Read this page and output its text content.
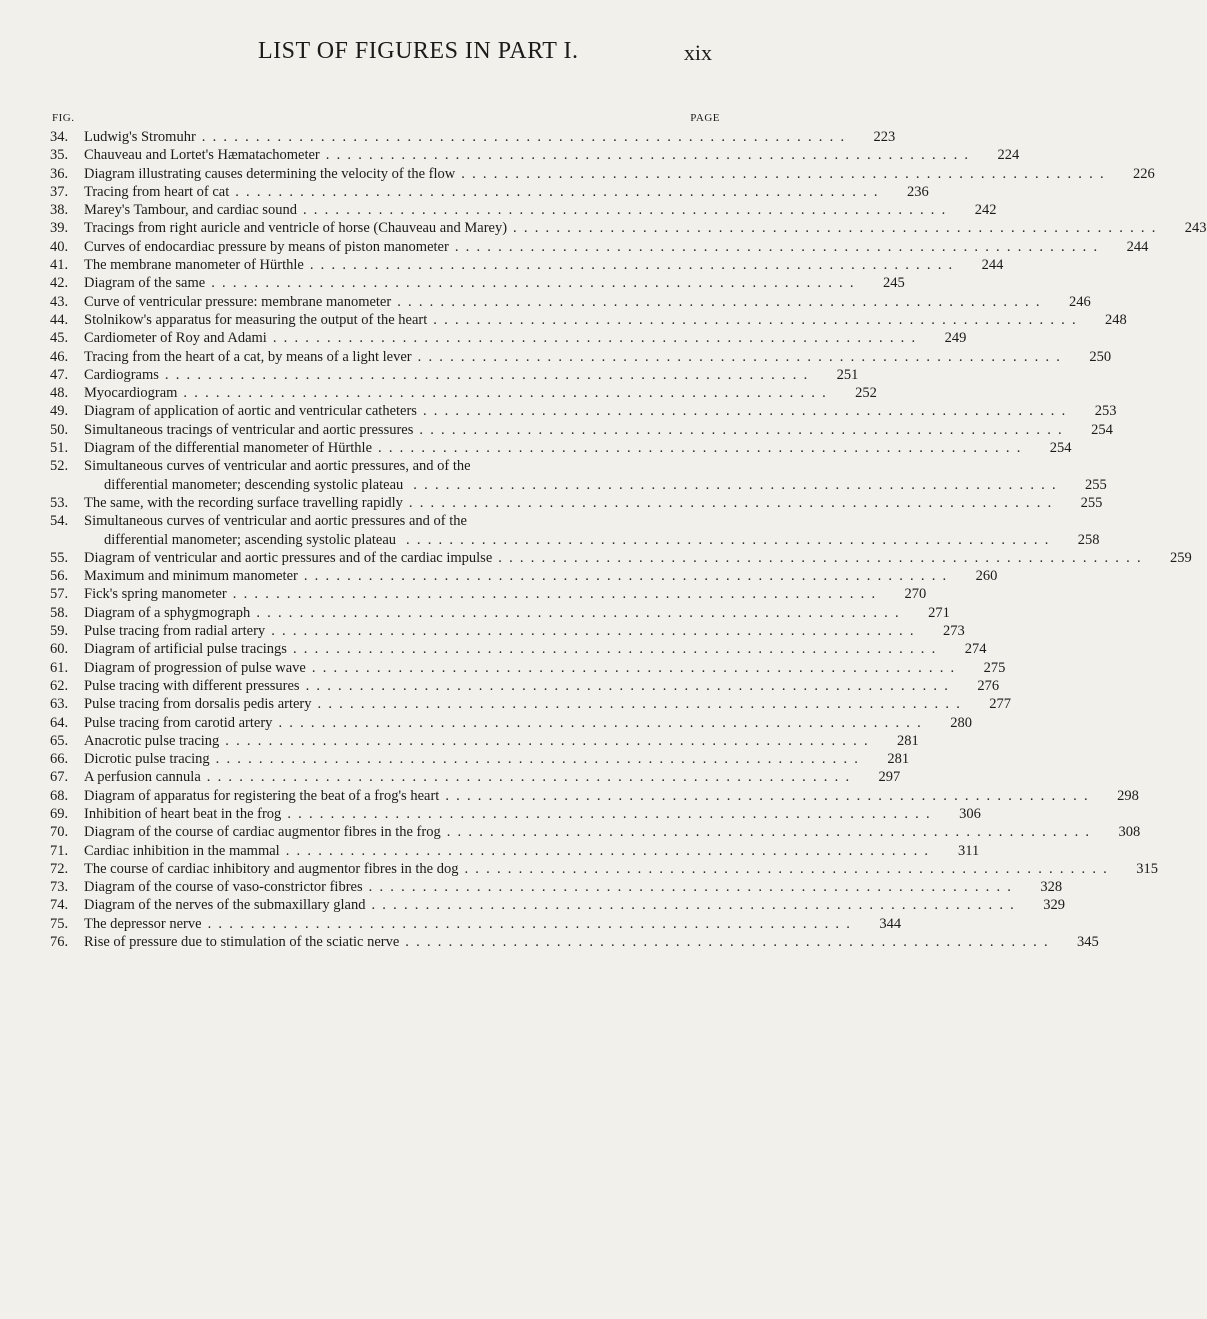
LIST OF FIGURES IN PART I.	xix
FIG.	PAGE
34.	Ludwig's Stromuhr ............................................................	223
35.	Chauveau and Lortet's Hæmatachometer ............................................................	224
36.	Diagram illustrating causes determining the velocity of the flow ............................................................	226
37.	Tracing from heart of cat ............................................................	236
38.	Marey's Tambour, and cardiac sound ............................................................	242
39.	Tracings from right auricle and ventricle of horse (Chauveau and Marey) ............................................................	243
40.	Curves of endocardiac pressure by means of piston manometer ............................................................	244
41.	The membrane manometer of Hürthle ............................................................	244
42.	Diagram of the same ............................................................	245
43.	Curve of ventricular pressure: membrane manometer ............................................................	246
44.	Stolnikow's apparatus for measuring the output of the heart ............................................................	248
45.	Cardiometer of Roy and Adami ............................................................	249
46.	Tracing from the heart of a cat, by means of a light lever ............................................................	250
47.	Cardiograms ............................................................	251
48.	Myocardiogram ............................................................	252
49.	Diagram of application of aortic and ventricular catheters ............................................................	253
50.	Simultaneous tracings of ventricular and aortic pressures ............................................................	254
51.	Diagram of the differential manometer of Hürthle ............................................................	254
52.	Simultaneous curves of ventricular and aortic pressures, and of the
differential manometer; descending systolic plateau ............................................................	255
53.	The same, with the recording surface travelling rapidly ............................................................	255
54.	Simultaneous curves of ventricular and aortic pressures and of the
differential manometer; ascending systolic plateau ............................................................	258
55.	Diagram of ventricular and aortic pressures and of the cardiac impulse ............................................................	259
56.	Maximum and minimum manometer ............................................................	260
57.	Fick's spring manometer ............................................................	270
58.	Diagram of a sphygmograph ............................................................	271
59.	Pulse tracing from radial artery ............................................................	273
60.	Diagram of artificial pulse tracings ............................................................	274
61.	Diagram of progression of pulse wave ............................................................	275
62.	Pulse tracing with different pressures ............................................................	276
63.	Pulse tracing from dorsalis pedis artery ............................................................	277
64.	Pulse tracing from carotid artery ............................................................	280
65.	Anacrotic pulse tracing ............................................................	281
66.	Dicrotic pulse tracing ............................................................	281
67.	A perfusion cannula ............................................................	297
68.	Diagram of apparatus for registering the beat of a frog's heart ............................................................	298
69.	Inhibition of heart beat in the frog ............................................................	306
70.	Diagram of the course of cardiac augmentor fibres in the frog ............................................................	308
71.	Cardiac inhibition in the mammal ............................................................	311
72.	The course of cardiac inhibitory and augmentor fibres in the dog ............................................................	315
73.	Diagram of the course of vaso-constrictor fibres ............................................................	328
74.	Diagram of the nerves of the submaxillary gland ............................................................	329
75.	The depressor nerve ............................................................	344
76.	Rise of pressure due to stimulation of the sciatic nerve ............................................................	345
